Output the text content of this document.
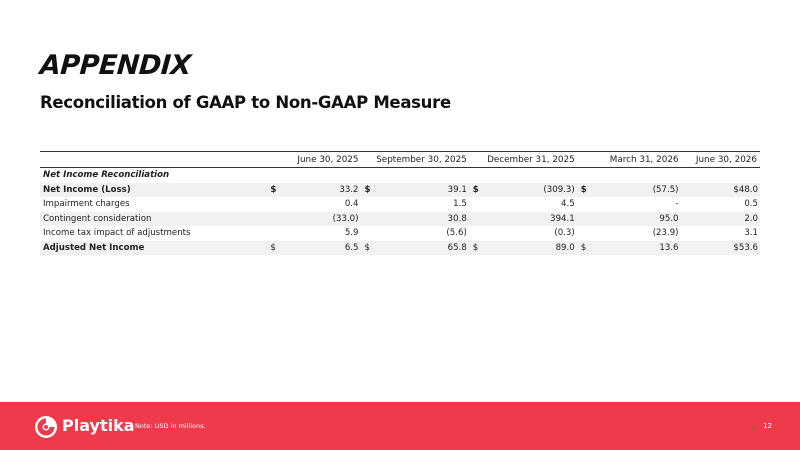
APPENDIX
Reconciliation of GAAP to Non-GAAP Measure
	June 30, 2025		September 30, 2025		December 31, 2025		March 31, 2026		June 30, 2026
Net Income Reconciliation									
Net Income (Loss)	$	33.2	$	39.1	$	(309.3)	$	(57.5)	$48.0
Impairment charges		0.4		1.5		4.5		-	0.5
Contingent consideration		(33.0)		30.8		394.1		95.0	2.0
Income tax impact of adjustments		5.9		(5.6)		(0.3)		(23.9)	3.1
Adjusted Net Income	$	6.5	$	65.8	$	89.0	$	13.6	$53.6
Playtika Note: USD in millions.	12
